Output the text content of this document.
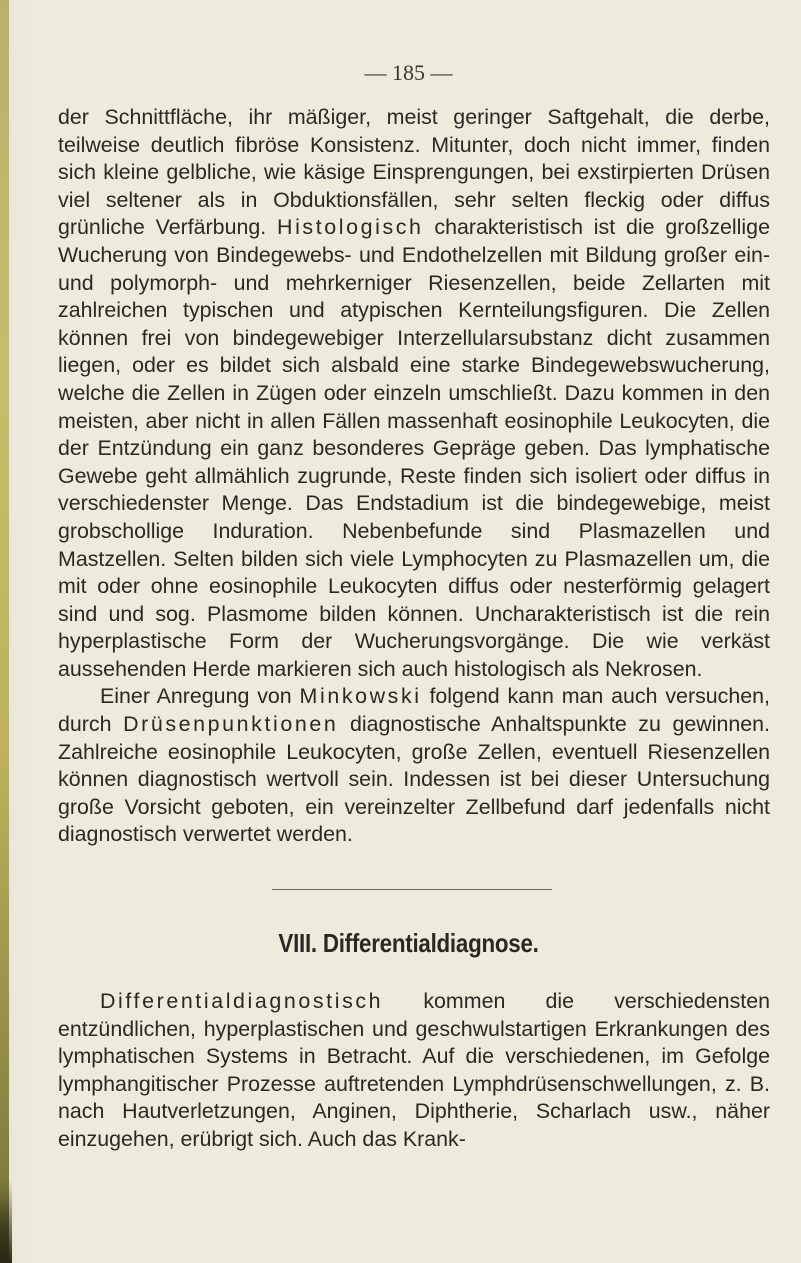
— 185 —

der Schnittfläche, ihr mäßiger, meist geringer Saftgehalt, die derbe, teilweise deutlich fibröse Konsistenz. Mitunter, doch nicht immer, finden sich kleine gelbliche, wie käsige Einsprengungen, bei exstirpierten Drüsen viel seltener als in Obduktionsfällen, sehr selten fleckig oder diffus grünliche Verfärbung. Histologisch charakteristisch ist die großzellige Wucherung von Bindegewebs- und Endothelzellen mit Bildung großer ein- und polymorph- und mehrkerniger Riesenzellen, beide Zellarten mit zahlreichen typischen und atypischen Kernteilungsfiguren. Die Zellen können frei von bindegewebiger Interzellularsubstanz dicht zusammen liegen, oder es bildet sich alsbald eine starke Bindegewebswucherung, welche die Zellen in Zügen oder einzeln umschließt. Dazu kommen in den meisten, aber nicht in allen Fällen massenhaft eosinophile Leukocyten, die der Entzündung ein ganz besonderes Gepräge geben. Das lymphatische Gewebe geht allmählich zugrunde, Reste finden sich isoliert oder diffus in verschiedenster Menge. Das Endstadium ist die bindegewebige, meist grobschollige Induration. Nebenbefunde sind Plasmazellen und Mastzellen. Selten bilden sich viele Lymphocyten zu Plasmazellen um, die mit oder ohne eosinophile Leukocyten diffus oder nesterförmig gelagert sind und sog. Plasmome bilden können. Uncharakteristisch ist die rein hyperplastische Form der Wucherungsvorgänge. Die wie verkäst aussehenden Herde markieren sich auch histologisch als Nekrosen.

Einer Anregung von Minkowski folgend kann man auch versuchen, durch Drüsenpunktionen diagnostische Anhaltspunkte zu gewinnen. Zahlreiche eosinophile Leukocyten, große Zellen, eventuell Riesenzellen können diagnostisch wertvoll sein. Indessen ist bei dieser Untersuchung große Vorsicht geboten, ein vereinzelter Zellbefund darf jedenfalls nicht diagnostisch verwertet werden.

VIII. Differentialdiagnose.

Differentialdiagnostisch kommen die verschiedensten entzündlichen, hyperplastischen und geschwulstartigen Erkrankungen des lymphatischen Systems in Betracht. Auf die verschiedenen, im Gefolge lymphangitischer Prozesse auftretenden Lymphdrüsenschwellungen, z. B. nach Hautverletzungen, Anginen, Diphtherie, Scharlach usw., näher einzugehen, erübrigt sich. Auch das Krank-
